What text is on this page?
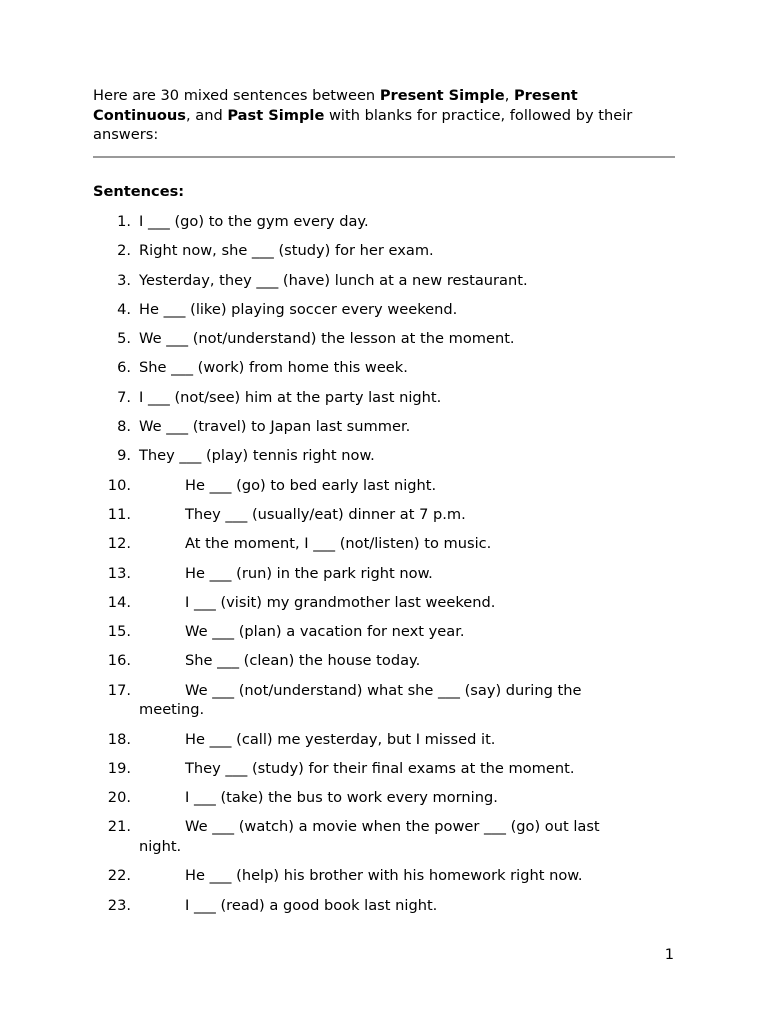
Here are 30 mixed sentences between Present Simple, Present Continuous, and Past Simple with blanks for practice, followed by their answers:

Sentences:

1. I ___ (go) to the gym every day.
2. Right now, she ___ (study) for her exam.
3. Yesterday, they ___ (have) lunch at a new restaurant.
4. He ___ (like) playing soccer every weekend.
5. We ___ (not/understand) the lesson at the moment.
6. She ___ (work) from home this week.
7. I ___ (not/see) him at the party last night.
8. We ___ (travel) to Japan last summer.
9. They ___ (play) tennis right now.
10.	He ___ (go) to bed early last night.
11.	They ___ (usually/eat) dinner at 7 p.m.
12.	At the moment, I ___ (not/listen) to music.
13.	He ___ (run) in the park right now.
14.	I ___ (visit) my grandmother last weekend.
15.	We ___ (plan) a vacation for next year.
16.	She ___ (clean) the house today.
17.	We ___ (not/understand) what she ___ (say) during the meeting.
18.	He ___ (call) me yesterday, but I missed it.
19.	They ___ (study) for their final exams at the moment.
20.	I ___ (take) the bus to work every morning.
21.	We ___ (watch) a movie when the power ___ (go) out last night.
22.	He ___ (help) his brother with his homework right now.
23.	I ___ (read) a good book last night.

1
